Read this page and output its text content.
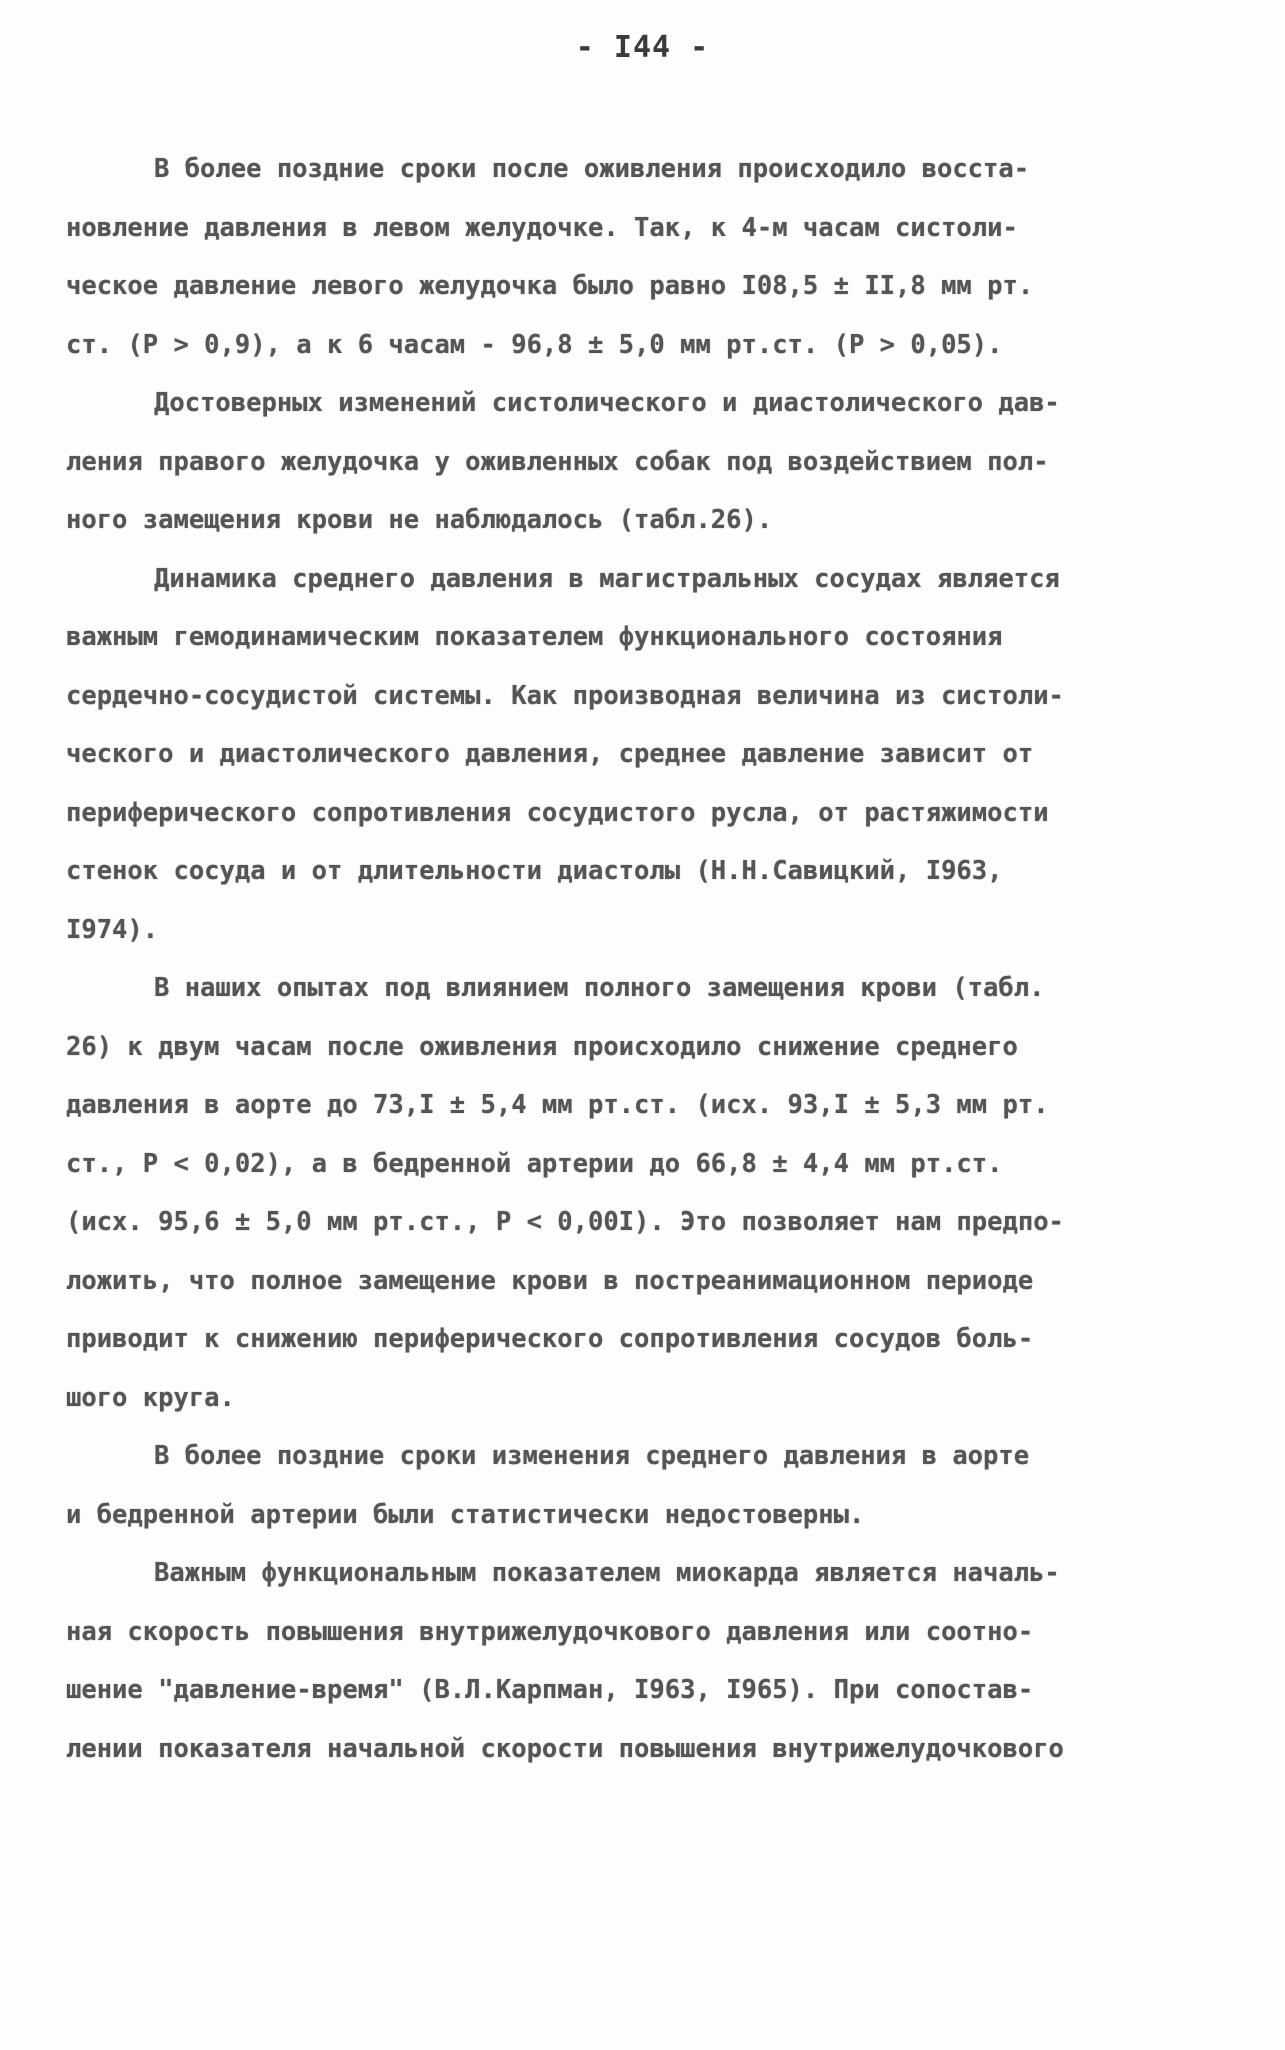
- I44 -
В более поздние сроки после оживления происходило восста-
новление давления в левом желудочке. Так, к 4-м часам систоли-
ческое давление левого желудочка было равно I08,5 ± II,8 мм рт.
ст. (P > 0,9), а к 6 часам - 96,8 ± 5,0 мм рт.ст. (P > 0,05).
Достоверных изменений систолического и диастолического дав-
ления правого желудочка у оживленных собак под воздействием пол-
ного замещения крови не наблюдалось (табл.26).
Динамика среднего давления в магистральных сосудах является
важным гемодинамическим показателем функционального состояния
сердечно-сосудистой системы. Как производная величина из систоли-
ческого и диастолического давления, среднее давление зависит от
периферического сопротивления сосудистого русла, от растяжимости
стенок сосуда и от длительности диастолы (Н.Н.Савицкий, I963,
I974).
В наших опытах под влиянием полного замещения крови (табл.
26) к двум часам после оживления происходило снижение среднего
давления в аорте до 73,I ± 5,4 мм рт.ст. (исх. 93,I ± 5,3 мм рт.
ст., P < 0,02), а в бедренной артерии до 66,8 ± 4,4 мм рт.ст.
(исх. 95,6 ± 5,0 мм рт.ст., P < 0,00I). Это позволяет нам предпо-
ложить, что полное замещение крови в постреанимационном периоде
приводит к снижению периферического сопротивления сосудов боль-
шого круга.
В более поздние сроки изменения среднего давления в аорте
и бедренной артерии были статистически недостоверны.
Важным функциональным показателем миокарда является началь-
ная скорость повышения внутрижелудочкового давления или соотно-
шение "давление-время" (В.Л.Карпман, I963, I965). При сопостав-
лении показателя начальной скорости повышения внутрижелудочкового
